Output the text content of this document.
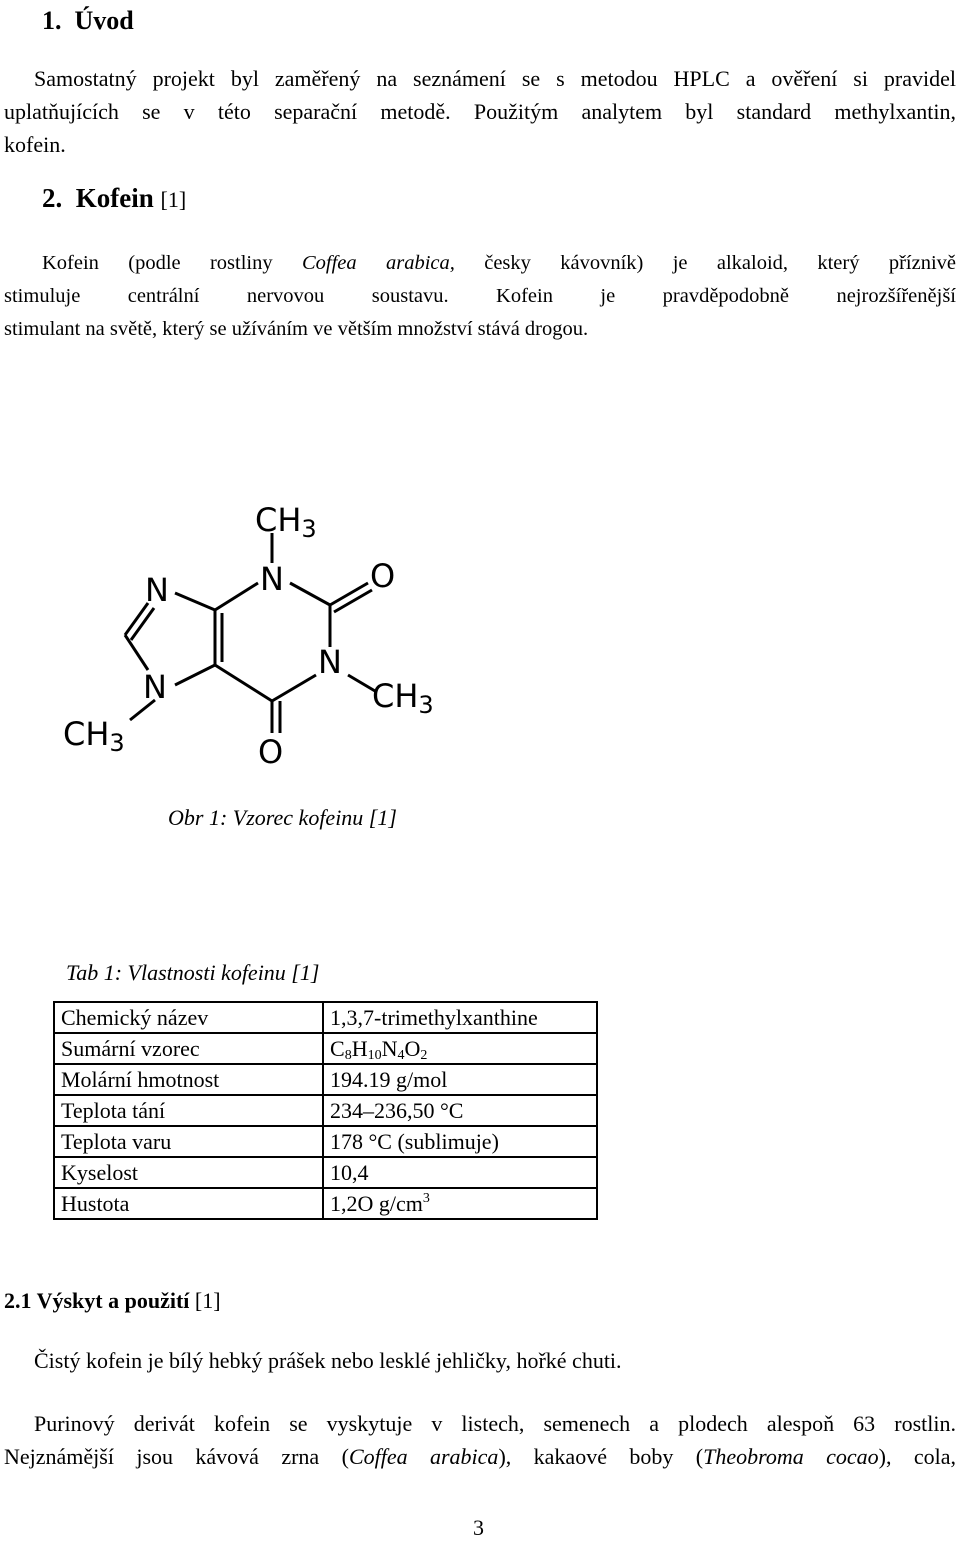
1. Úvod
Samostatný projekt byl zaměřený na seznámení se s metodou HPLC a ověření si pravidel
uplatňujících se v této separační metodě. Použitým analytem byl standard methylxantin,
kofein.
2. Kofein [1]
Kofein (podle rostliny Coffea arabica, česky kávovník) je alkaloid, který příznivě
stimuluje centrální nervovou soustavu. Kofein je pravděpodobně nejrozšířenější
stimulant na světě, který se užíváním ve větším množství stává drogou.
CH3
N	O
N
N
CH3
N
CH3	O
Obr 1: Vzorec kofeinu [1]
Tab 1: Vlastnosti kofeinu [1]
Chemický název	1,3,7-trimethylxanthine
Sumární vzorec	$C_8H_{10}N_4O_2$
Molární hmotnost	194.19 g/mol
Teplota tání	234–236,50 °C
Teplota varu	178 °C (sublimuje)
Kyselost	10,4
Hustota	1,2O $g/cm^3$
2.1 Výskyt a použití [1]
Čistý kofein je bílý hebký prášek nebo lesklé jehličky, hořké chuti.
Purinový derivát kofein se vyskytuje v listech, semenech a plodech alespoň 63 rostlin.
Nejznámější jsou kávová zrna (Coffea arabica), kakaové boby (Theobroma cocao), cola,
3
